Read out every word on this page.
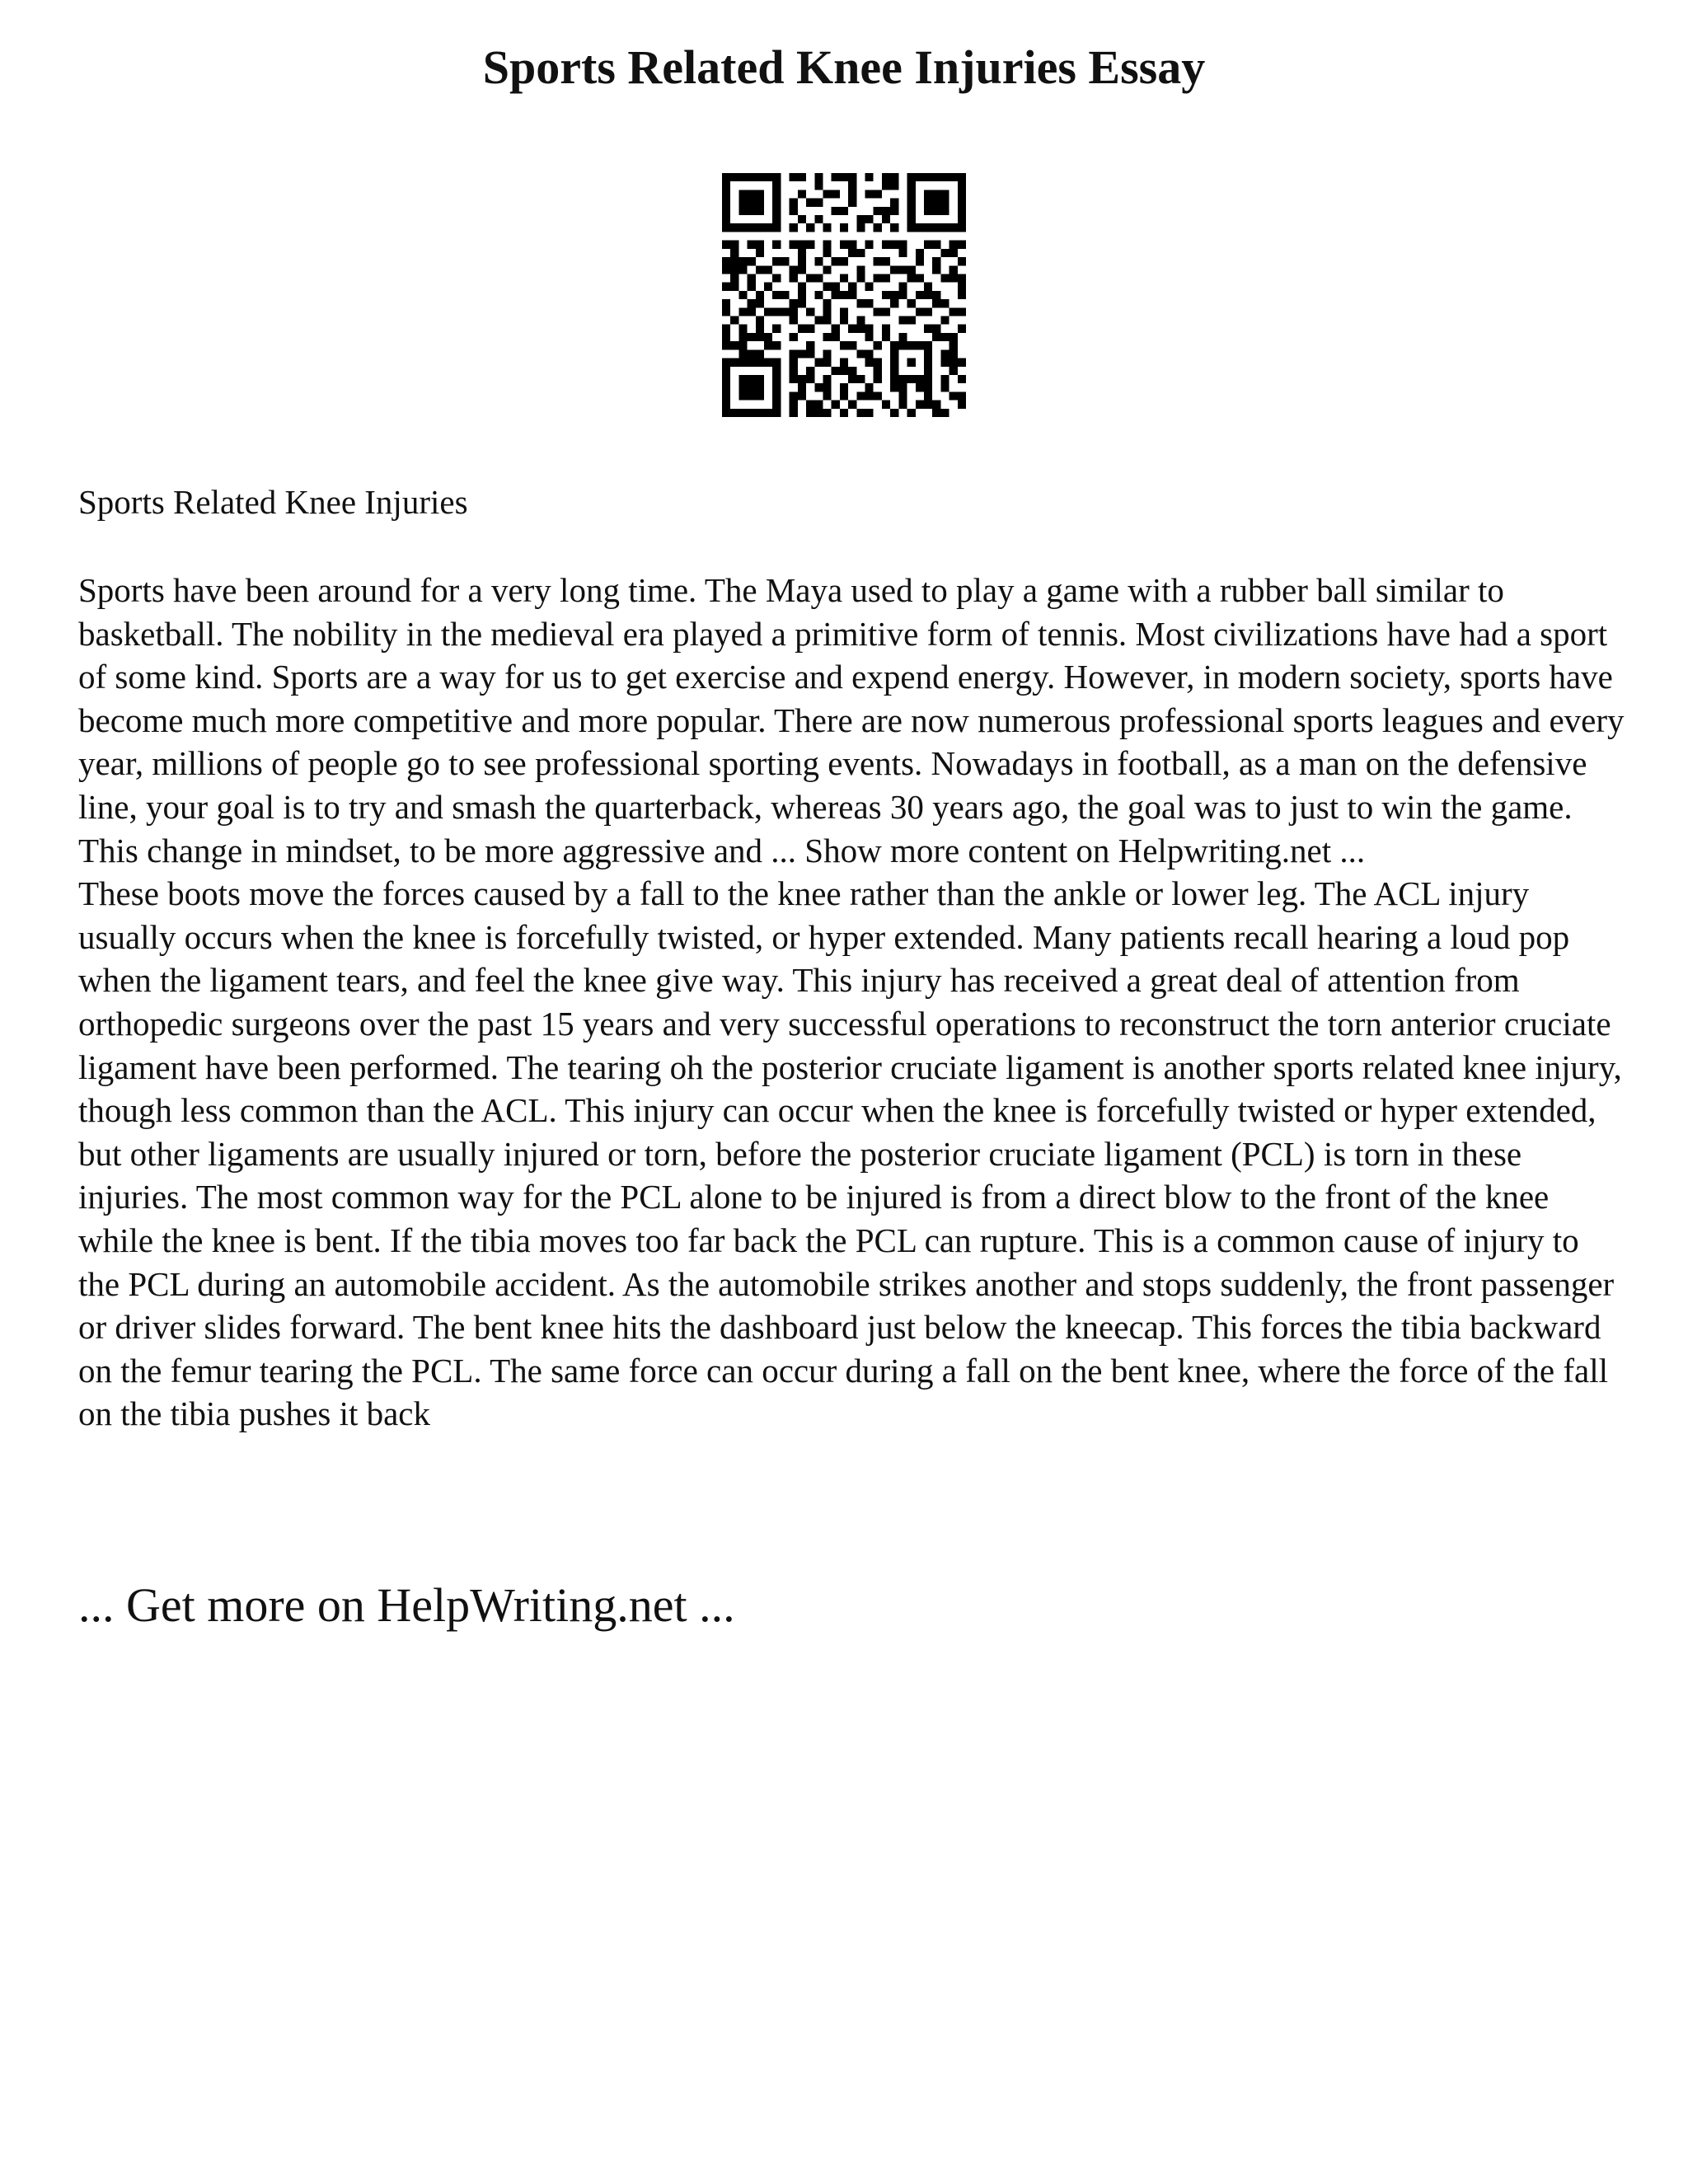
Sports Related Knee Injuries Essay

Sports Related Knee Injuries

Sports have been around for a very long time. The Maya used to play a game with a rubber ball similar to basketball. The nobility in the medieval era played a primitive form of tennis. Most civilizations have had a sport of some kind. Sports are a way for us to get exercise and expend energy. However, in modern society, sports have become much more competitive and more popular. There are now numerous professional sports leagues and every year, millions of people go to see professional sporting events. Nowadays in football, as a man on the defensive line, your goal is to try and smash the quarterback, whereas 30 years ago, the goal was to just to win the game. This change in mindset, to be more aggressive and ... Show more content on Helpwriting.net ...

These boots move the forces caused by a fall to the knee rather than the ankle or lower leg. The ACL injury usually occurs when the knee is forcefully twisted, or hyper extended. Many patients recall hearing a loud pop when the ligament tears, and feel the knee give way. This injury has received a great deal of attention from orthopedic surgeons over the past 15 years and very successful operations to reconstruct the torn anterior cruciate ligament have been performed. The tearing oh the posterior cruciate ligament is another sports related knee injury, though less common than the ACL. This injury can occur when the knee is forcefully twisted or hyper extended, but other ligaments are usually injured or torn, before the posterior cruciate ligament (PCL) is torn in these injuries. The most common way for the PCL alone to be injured is from a direct blow to the front of the knee while the knee is bent. If the tibia moves too far back the PCL can rupture. This is a common cause of injury to the PCL during an automobile accident. As the automobile strikes another and stops suddenly, the front passenger or driver slides forward. The bent knee hits the dashboard just below the kneecap. This forces the tibia backward on the femur tearing the PCL. The same force can occur during a fall on the bent knee, where the force of the fall on the tibia pushes it back

... Get more on HelpWriting.net ...
